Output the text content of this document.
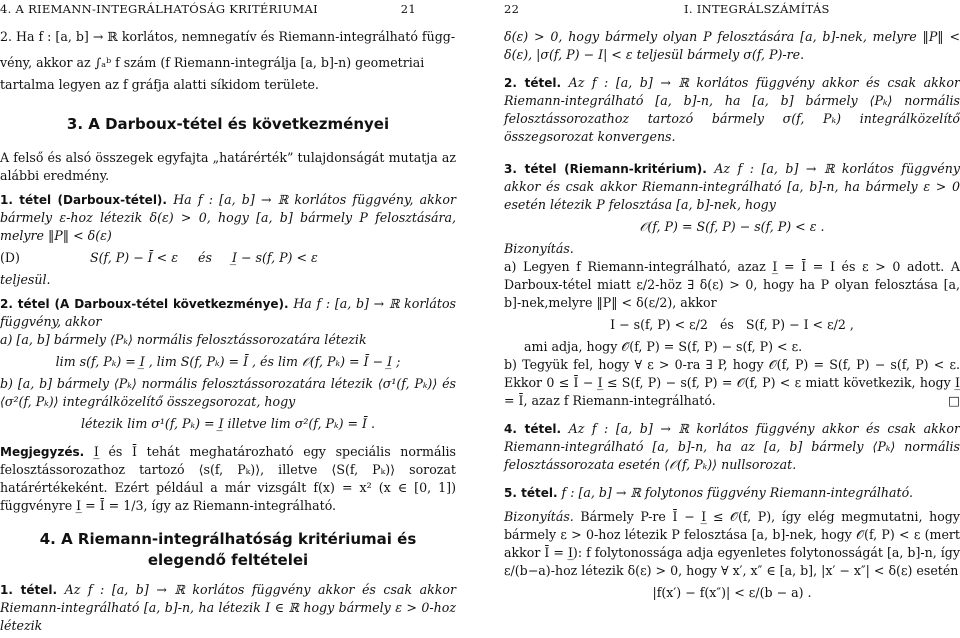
4. A RIEMANN-INTEGRÁLHATÓSÁG KRITÉRIUMAI	21

2. Ha f : [a, b] → ℝ korlátos, nemnegatív és Riemann-integrálható függ-

vény, akkor az ∫ₐᵇ f szám (f Riemann-integrálja [a, b]-n) geometriai

tartalma legyen az f gráfja alatti síkidom területe.

3. A Darboux-tétel és következményei

A felső és alsó összegek egyfajta „határérték” tulajdonságát mutatja az alábbi eredmény.

1. tétel (Darboux-tétel). Ha f : [a, b] → ℝ korlátos függvény, akkor bármely ε-hoz létezik δ(ε) > 0, hogy [a, b] bármely P felosztására, melyre ‖P‖ < δ(ε)

(D)	S(f, P) − Ī < ε     és     I̲ − s(f, P) < ε

teljesül.

2. tétel (A Darboux-tétel következménye). Ha f : [a, b] → ℝ korlátos függvény, akkor

a) [a, b] bármely ⟨Pₖ⟩ normális felosztássorozatára létezik

lim s(f, Pₖ) = I̲ , lim S(f, Pₖ) = Ī , és lim 𝒪(f, Pₖ) = Ī − I̲ ;

b) [a, b] bármely ⟨Pₖ⟩ normális felosztássorozatára létezik ⟨σ¹(f, Pₖ)⟩ és ⟨σ²(f, Pₖ)⟩ integrálközelítő összegsorozat, hogy

létezik lim σ¹(f, Pₖ) = I̲ illetve lim σ²(f, Pₖ) = Ī .

Megjegyzés. I̲ és Ī tehát meghatározható egy speciális normális felosztássorozathoz tartozó ⟨s(f, Pₖ)⟩, illetve ⟨S(f, Pₖ)⟩ sorozat határértékeként. Ezért például a már vizsgált f(x) = x² (x ∈ [0, 1]) függvényre I̲ = Ī = 1/3, így az Riemann-integrálható.

4. A Riemann-integrálhatóság kritériumai és
elegendő feltételei

1. tétel. Az f : [a, b] → ℝ korlátos függvény akkor és csak akkor Riemann-integrálható [a, b]-n, ha létezik I ∈ ℝ hogy bármely ε > 0-hoz létezik

22	I. INTEGRÁLSZÁMÍTÁS

δ(ε) > 0, hogy bármely olyan P felosztására [a, b]-nek, melyre ‖P‖ < δ(ε), |σ(f, P) − I| < ε teljesül bármely σ(f, P)-re.

2. tétel. Az f : [a, b] → ℝ korlátos függvény akkor és csak akkor Riemann-integrálható [a, b]-n, ha [a, b] bármely ⟨Pₖ⟩ normális felosztássorozathoz tartozó bármely σ(f, Pₖ) integrálközelítő összegsorozat konvergens.

3. tétel (Riemann-kritérium). Az f : [a, b] → ℝ korlátos függvény akkor és csak akkor Riemann-integrálható [a, b]-n, ha bármely ε > 0 esetén létezik P felosztása [a, b]-nek, hogy

𝒪(f, P) = S(f, P) − s(f, P) < ε .

Bizonyítás.

a) Legyen f Riemann-integrálható, azaz I̲ = Ī = I és ε > 0 adott. A Darboux-tétel miatt ε/2-höz ∃ δ(ε) > 0, hogy ha P olyan felosztása [a, b]-nek,melyre ‖P‖ < δ(ε/2), akkor

I − s(f, P) < ε/2   és   S(f, P) − I < ε/2 ,

ami adja, hogy 𝒪(f, P) = S(f, P) − s(f, P) < ε.

b) Tegyük fel, hogy ∀ ε > 0-ra ∃ P, hogy 𝒪(f, P) = S(f, P) − s(f, P) < ε. Ekkor 0 ≤ Ī − I̲ ≤ S(f, P) − s(f, P) = 𝒪(f, P) < ε miatt következik, hogy I̲ = Ī, azaz f Riemann-integrálható.	□

4. tétel. Az f : [a, b] → ℝ korlátos függvény akkor és csak akkor Riemann-integrálható [a, b]-n, ha az [a, b] bármely ⟨Pₖ⟩ normális felosztássorozata esetén ⟨𝒪(f, Pₖ)⟩ nullsorozat.

5. tétel. f : [a, b] → ℝ folytonos függvény Riemann-integrálható.

Bizonyítás. Bármely P-re Ī − I̲ ≤ 𝒪(f, P), így elég megmutatni, hogy bármely ε > 0-hoz létezik P felosztása [a, b]-nek, hogy 𝒪(f, P) < ε (mert akkor Ī = I̲): f folytonossága adja egyenletes folytonosságát [a, b]-n, így ε/(b−a)-hoz létezik δ(ε) > 0, hogy ∀ x′, x″ ∈ [a, b], |x′ − x″| < δ(ε) esetén

|f(x′) − f(x″)| < ε/(b − a) .
